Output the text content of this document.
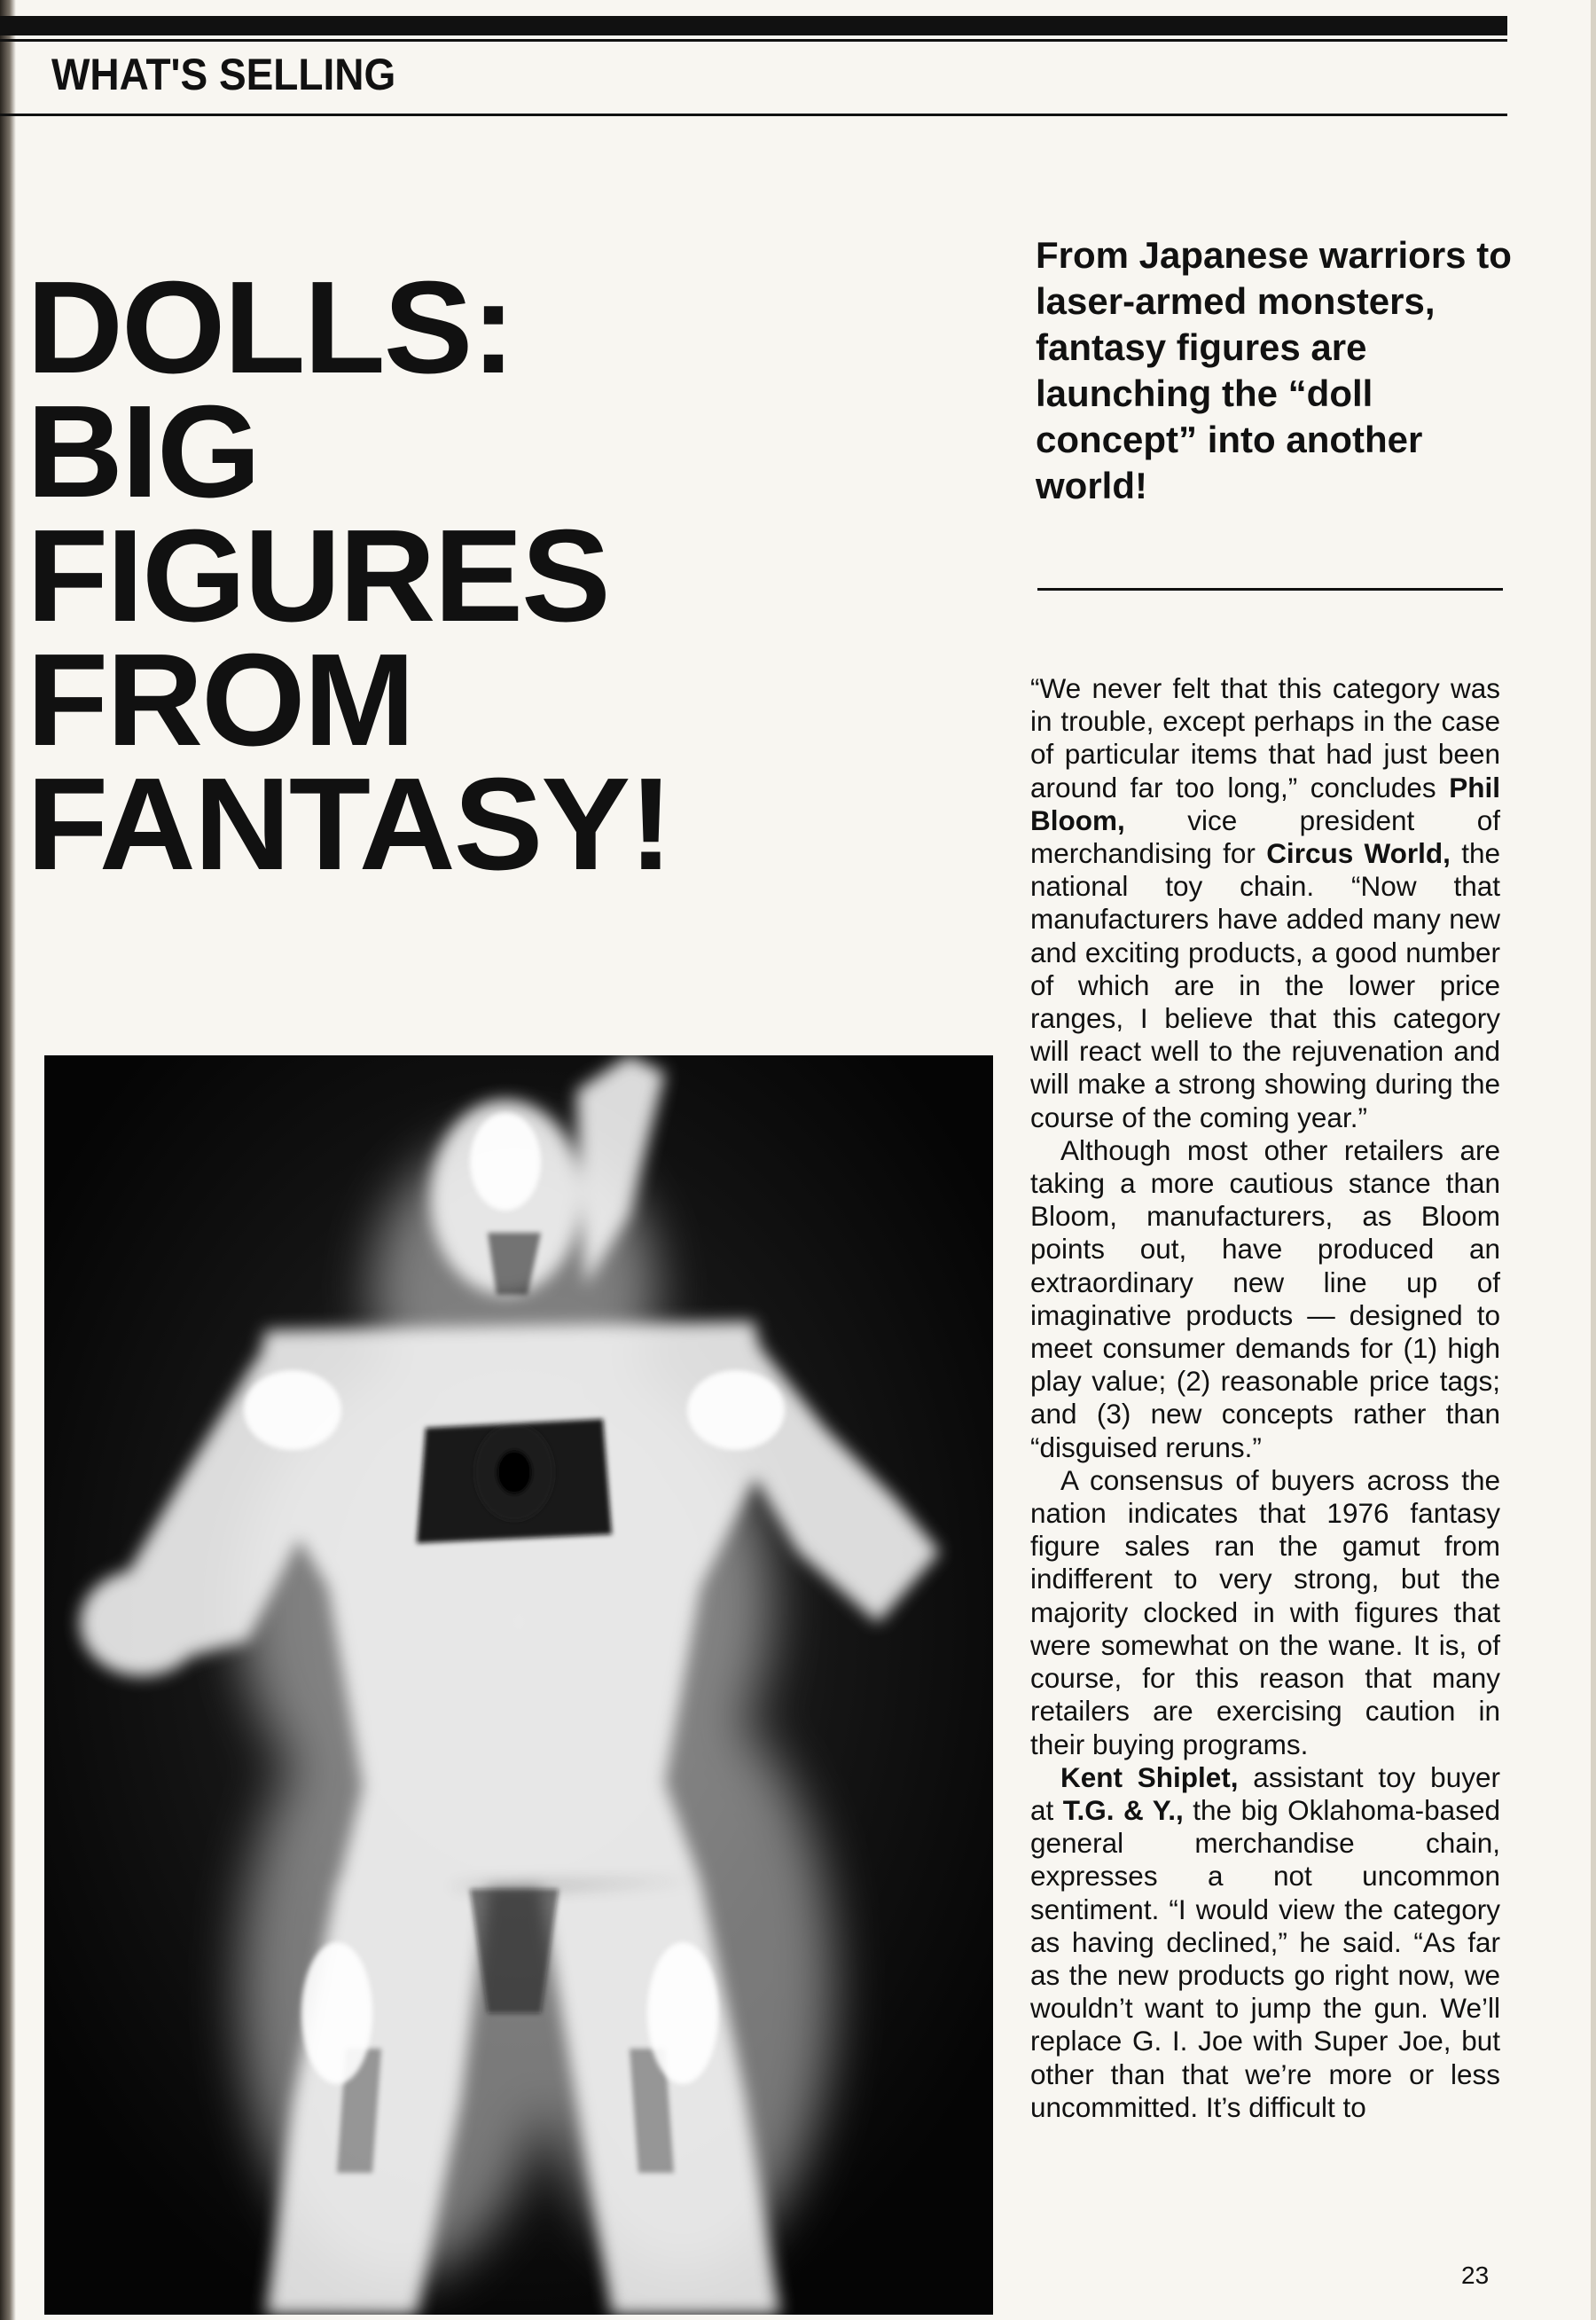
WHAT'S SELLING
DOLLS:
BIG
FIGURES
FROM
FANTASY!

From Japanese warriors to laser-armed monsters, fantasy figures are launching the “doll concept” into another world!

“We never felt that this category was in trouble, except perhaps in the case of particular items that had just been around far too long,” concludes Phil Bloom, vice president of merchandising for Circus World, the national toy chain. “Now that manufacturers have added many new and exciting products, a good number of which are in the lower price ranges, I believe that this category will react well to the rejuvenation and will make a strong showing during the course of the coming year.”

Although most other retailers are taking a more cautious stance than Bloom, manufacturers, as Bloom points out, have produced an extraordinary new line up of imaginative products — designed to meet consumer demands for (1) high play value; (2) reasonable price tags; and (3) new concepts rather than “disguised reruns.”

A consensus of buyers across the nation indicates that 1976 fantasy figure sales ran the gamut from indifferent to very strong, but the majority clocked in with figures that were somewhat on the wane. It is, of course, for this reason that many retailers are exercising caution in their buying programs.

Kent Shiplet, assistant toy buyer at T.G. & Y., the big Oklahoma-based general merchandise chain, expresses a not uncommon sentiment. “I would view the category as having declined,” he said. “As far as the new products go right now, we wouldn’t want to jump the gun. We’ll replace G. I. Joe with Super Joe, but other than that we’re more or less uncommitted. It’s difficult to

23
